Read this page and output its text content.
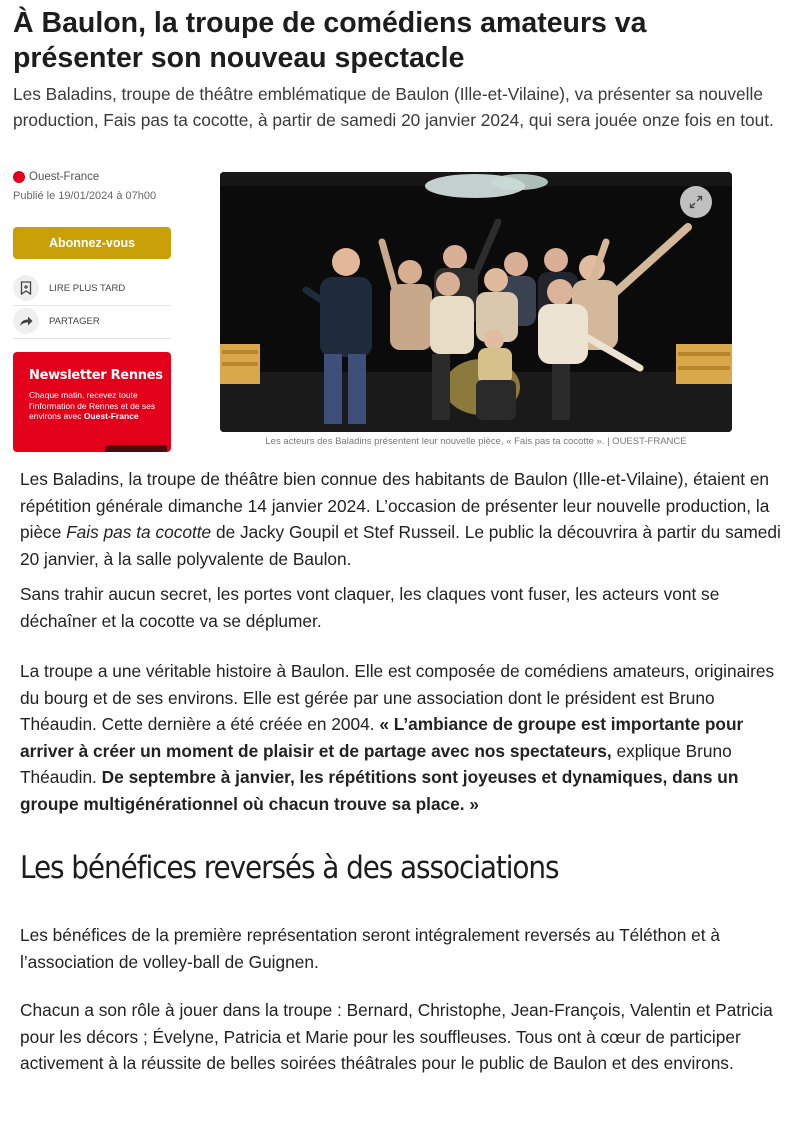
À Baulon, la troupe de comédiens amateurs va présenter son nouveau spectacle

Les Baladins, troupe de théâtre emblématique de Baulon (Ille-et-Vilaine), va présenter sa nouvelle production, Fais pas ta cocotte, à partir de samedi 20 janvier 2024, qui sera jouée onze fois en tout.

Ouest-France
Publié le 19/01/2024 à 07h00
Abonnez-vous
LIRE PLUS TARD
PARTAGER
Newsletter Rennes
Chaque matin, recevez toute l’information de Rennes et de ses environs avec Ouest-France
Les acteurs des Baladins présentent leur nouvelle pièce, « Fais pas ta cocotte ». | OUEST-FRANCE

Les Baladins, la troupe de théâtre bien connue des habitants de Baulon (Ille-et-Vilaine), étaient en répétition générale dimanche 14 janvier 2024. L’occasion de présenter leur nouvelle production, la pièce Fais pas ta cocotte de Jacky Goupil et Stef Russeil. Le public la découvrira à partir du samedi 20 janvier, à la salle polyvalente de Baulon.

Sans trahir aucun secret, les portes vont claquer, les claques vont fuser, les acteurs vont se déchaîner et la cocotte va se déplumer.

La troupe a une véritable histoire à Baulon. Elle est composée de comédiens amateurs, originaires du bourg et de ses environs. Elle est gérée par une association dont le président est Bruno Théaudin. Cette dernière a été créée en 2004. « L’ambiance de groupe est importante pour arriver à créer un moment de plaisir et de partage avec nos spectateurs, explique Bruno Théaudin. De septembre à janvier, les répétitions sont joyeuses et dynamiques, dans un groupe multigénérationnel où chacun trouve sa place. »

Les bénéfices reversés à des associations

Les bénéfices de la première représentation seront intégralement reversés au Téléthon et à l’association de volley-ball de Guignen.

Chacun a son rôle à jouer dans la troupe : Bernard, Christophe, Jean-François, Valentin et Patricia pour les décors ; Évelyne, Patricia et Marie pour les souffleuses. Tous ont à cœur de participer activement à la réussite de belles soirées théâtrales pour le public de Baulon et des environs.
